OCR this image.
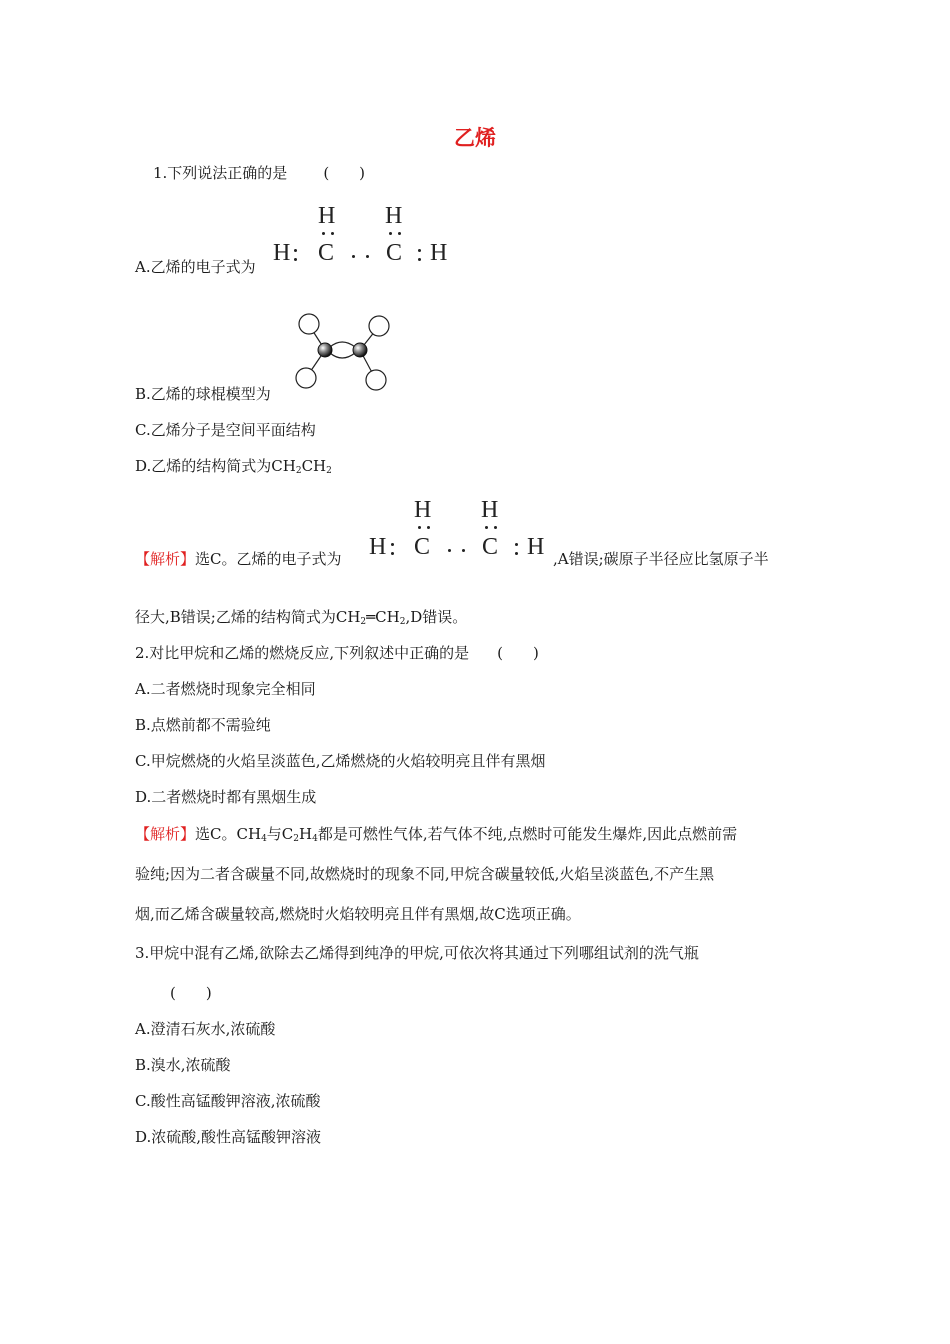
乙烯
1.下列说法正确的是 (　　)
H H
H C C H
A.乙烯的电子式为
B.乙烯的球棍模型为
C.乙烯分子是空间平面结构
D.乙烯的结构简式为$CH_2CH_2$
H H
H C C H
【解析】选C。乙烯的电子式为	,A错误;碳原子半径应比氢原子半
径大,B错误;乙烯的结构简式为$CH_2═CH_2,D$错误。
2.对比甲烷和乙烯的燃烧反应,下列叙述中正确的是 (　　)
A.二者燃烧时现象完全相同
B.点燃前都不需验纯
C.甲烷燃烧的火焰呈淡蓝色,乙烯燃烧的火焰较明亮且伴有黑烟
D.二者燃烧时都有黑烟生成
【解析】选C。$CH_4$与$C_2H_4$都是可燃性气体,若气体不纯,点燃时可能发生爆炸,因此点燃前需
验纯;因为二者含碳量不同,故燃烧时的现象不同,甲烷含碳量较低,火焰呈淡蓝色,不产生黑
烟,而乙烯含碳量较高,燃烧时火焰较明亮且伴有黑烟,故C选项正确。
3.甲烷中混有乙烯,欲除去乙烯得到纯净的甲烷,可依次将其通过下列哪组试剂的洗气瓶
(　　)
A.澄清石灰水,浓硫酸
B.溴水,浓硫酸
C.酸性高锰酸钾溶液,浓硫酸
D.浓硫酸,酸性高锰酸钾溶液
